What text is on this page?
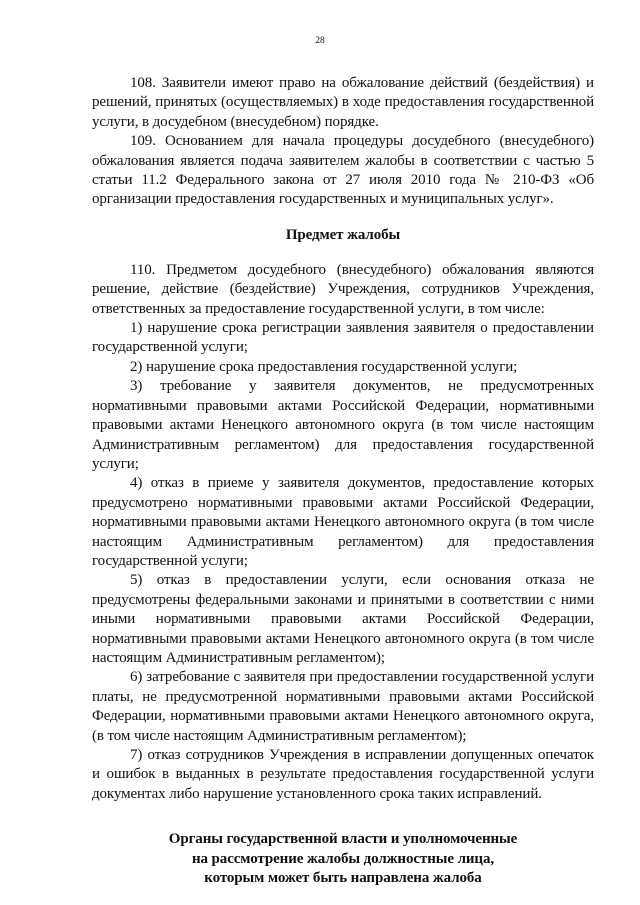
28

108. Заявители имеют право на обжалование действий (бездействия) и решений, принятых (осуществляемых) в ходе предоставления государственной услуги, в досудебном (внесудебном) порядке.

109. Основанием для начала процедуры досудебного (внесудебного) обжалования является подача заявителем жалобы в соответствии с частью 5 статьи 11.2 Федерального закона от 27 июля 2010 года № 210-ФЗ «Об организации предоставления государственных и муниципальных услуг».

Предмет жалобы

110. Предметом досудебного (внесудебного) обжалования являются решение, действие (бездействие) Учреждения, сотрудников Учреждения, ответственных за предоставление государственной услуги, в том числе:

1) нарушение срока регистрации заявления заявителя о предоставлении государственной услуги;

2) нарушение срока предоставления государственной услуги;

3) требование у заявителя документов, не предусмотренных нормативными правовыми актами Российской Федерации, нормативными правовыми актами Ненецкого автономного округа (в том числе настоящим Административным регламентом) для предоставления государственной услуги;

4) отказ в приеме у заявителя документов, предоставление которых предусмотрено нормативными правовыми актами Российской Федерации, нормативными правовыми актами Ненецкого автономного округа (в том числе настоящим Административным регламентом) для предоставления государственной услуги;

5) отказ в предоставлении услуги, если основания отказа не предусмотрены федеральными законами и принятыми в соответствии с ними иными нормативными правовыми актами Российской Федерации, нормативными правовыми актами Ненецкого автономного округа (в том числе настоящим Административным регламентом);

6) затребование с заявителя при предоставлении государственной услуги платы, не предусмотренной нормативными правовыми актами Российской Федерации, нормативными правовыми актами Ненецкого автономного округа, (в том числе настоящим Административным регламентом);

7) отказ сотрудников Учреждения в исправлении допущенных опечаток и ошибок в выданных в результате предоставления государственной услуги документах либо нарушение установленного срока таких исправлений.

Органы государственной власти и уполномоченные
на рассмотрение жалобы должностные лица,
которым может быть направлена жалоба
